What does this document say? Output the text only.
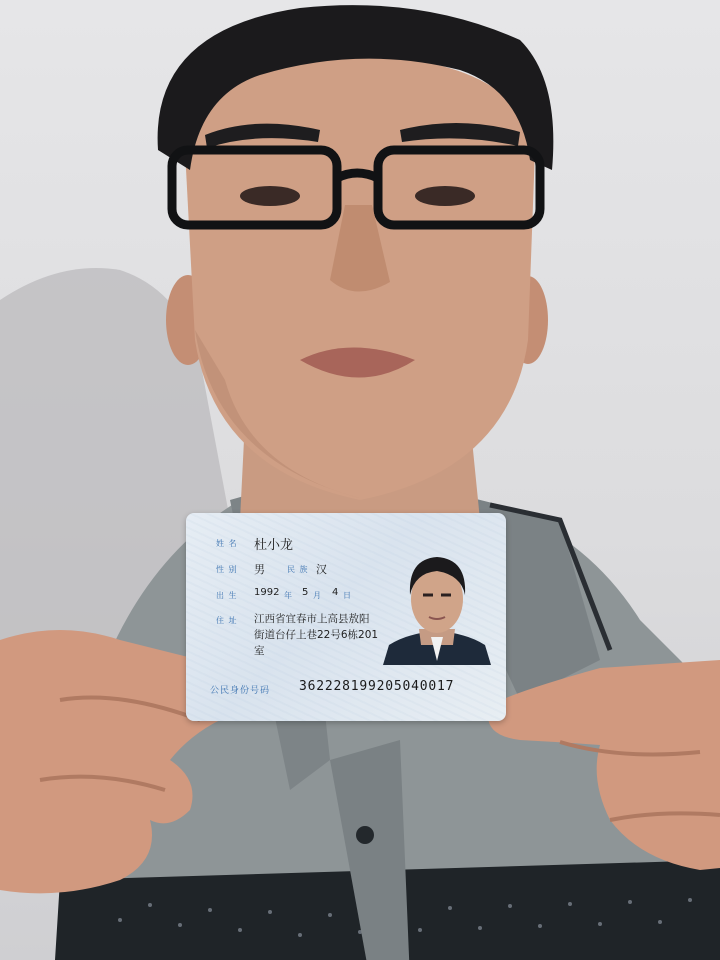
姓 名 杜小龙
性 别 男	民 族 汉
出 生 1992 年 5 月 4 日
住 址 江西省宜春市上高县敖阳
街道台仔上巷22号6栋201
室
公民身份号码 362228199205040017
